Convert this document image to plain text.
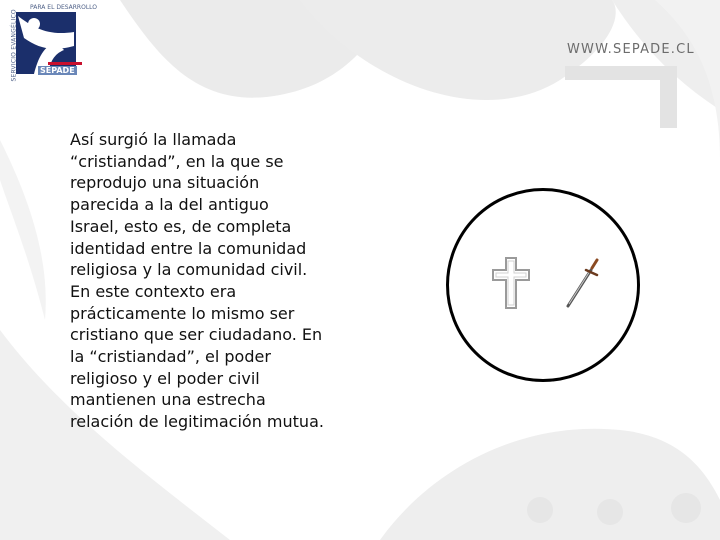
SERVICIO EVANGÉLICO
PARA EL DESARROLLO
SEPADE
WWW.SEPADE.CL

Así surgió la llamada
“cristiandad”, en la que se
reprodujo una situación
parecida a la del antiguo
Israel, esto es, de completa
identidad entre la comunidad
religiosa y la comunidad civil.
En este contexto era
prácticamente lo mismo ser
cristiano que ser ciudadano. En
la “cristiandad”, el poder
religioso y el poder civil
mantienen una estrecha
relación de legitimación mutua.
